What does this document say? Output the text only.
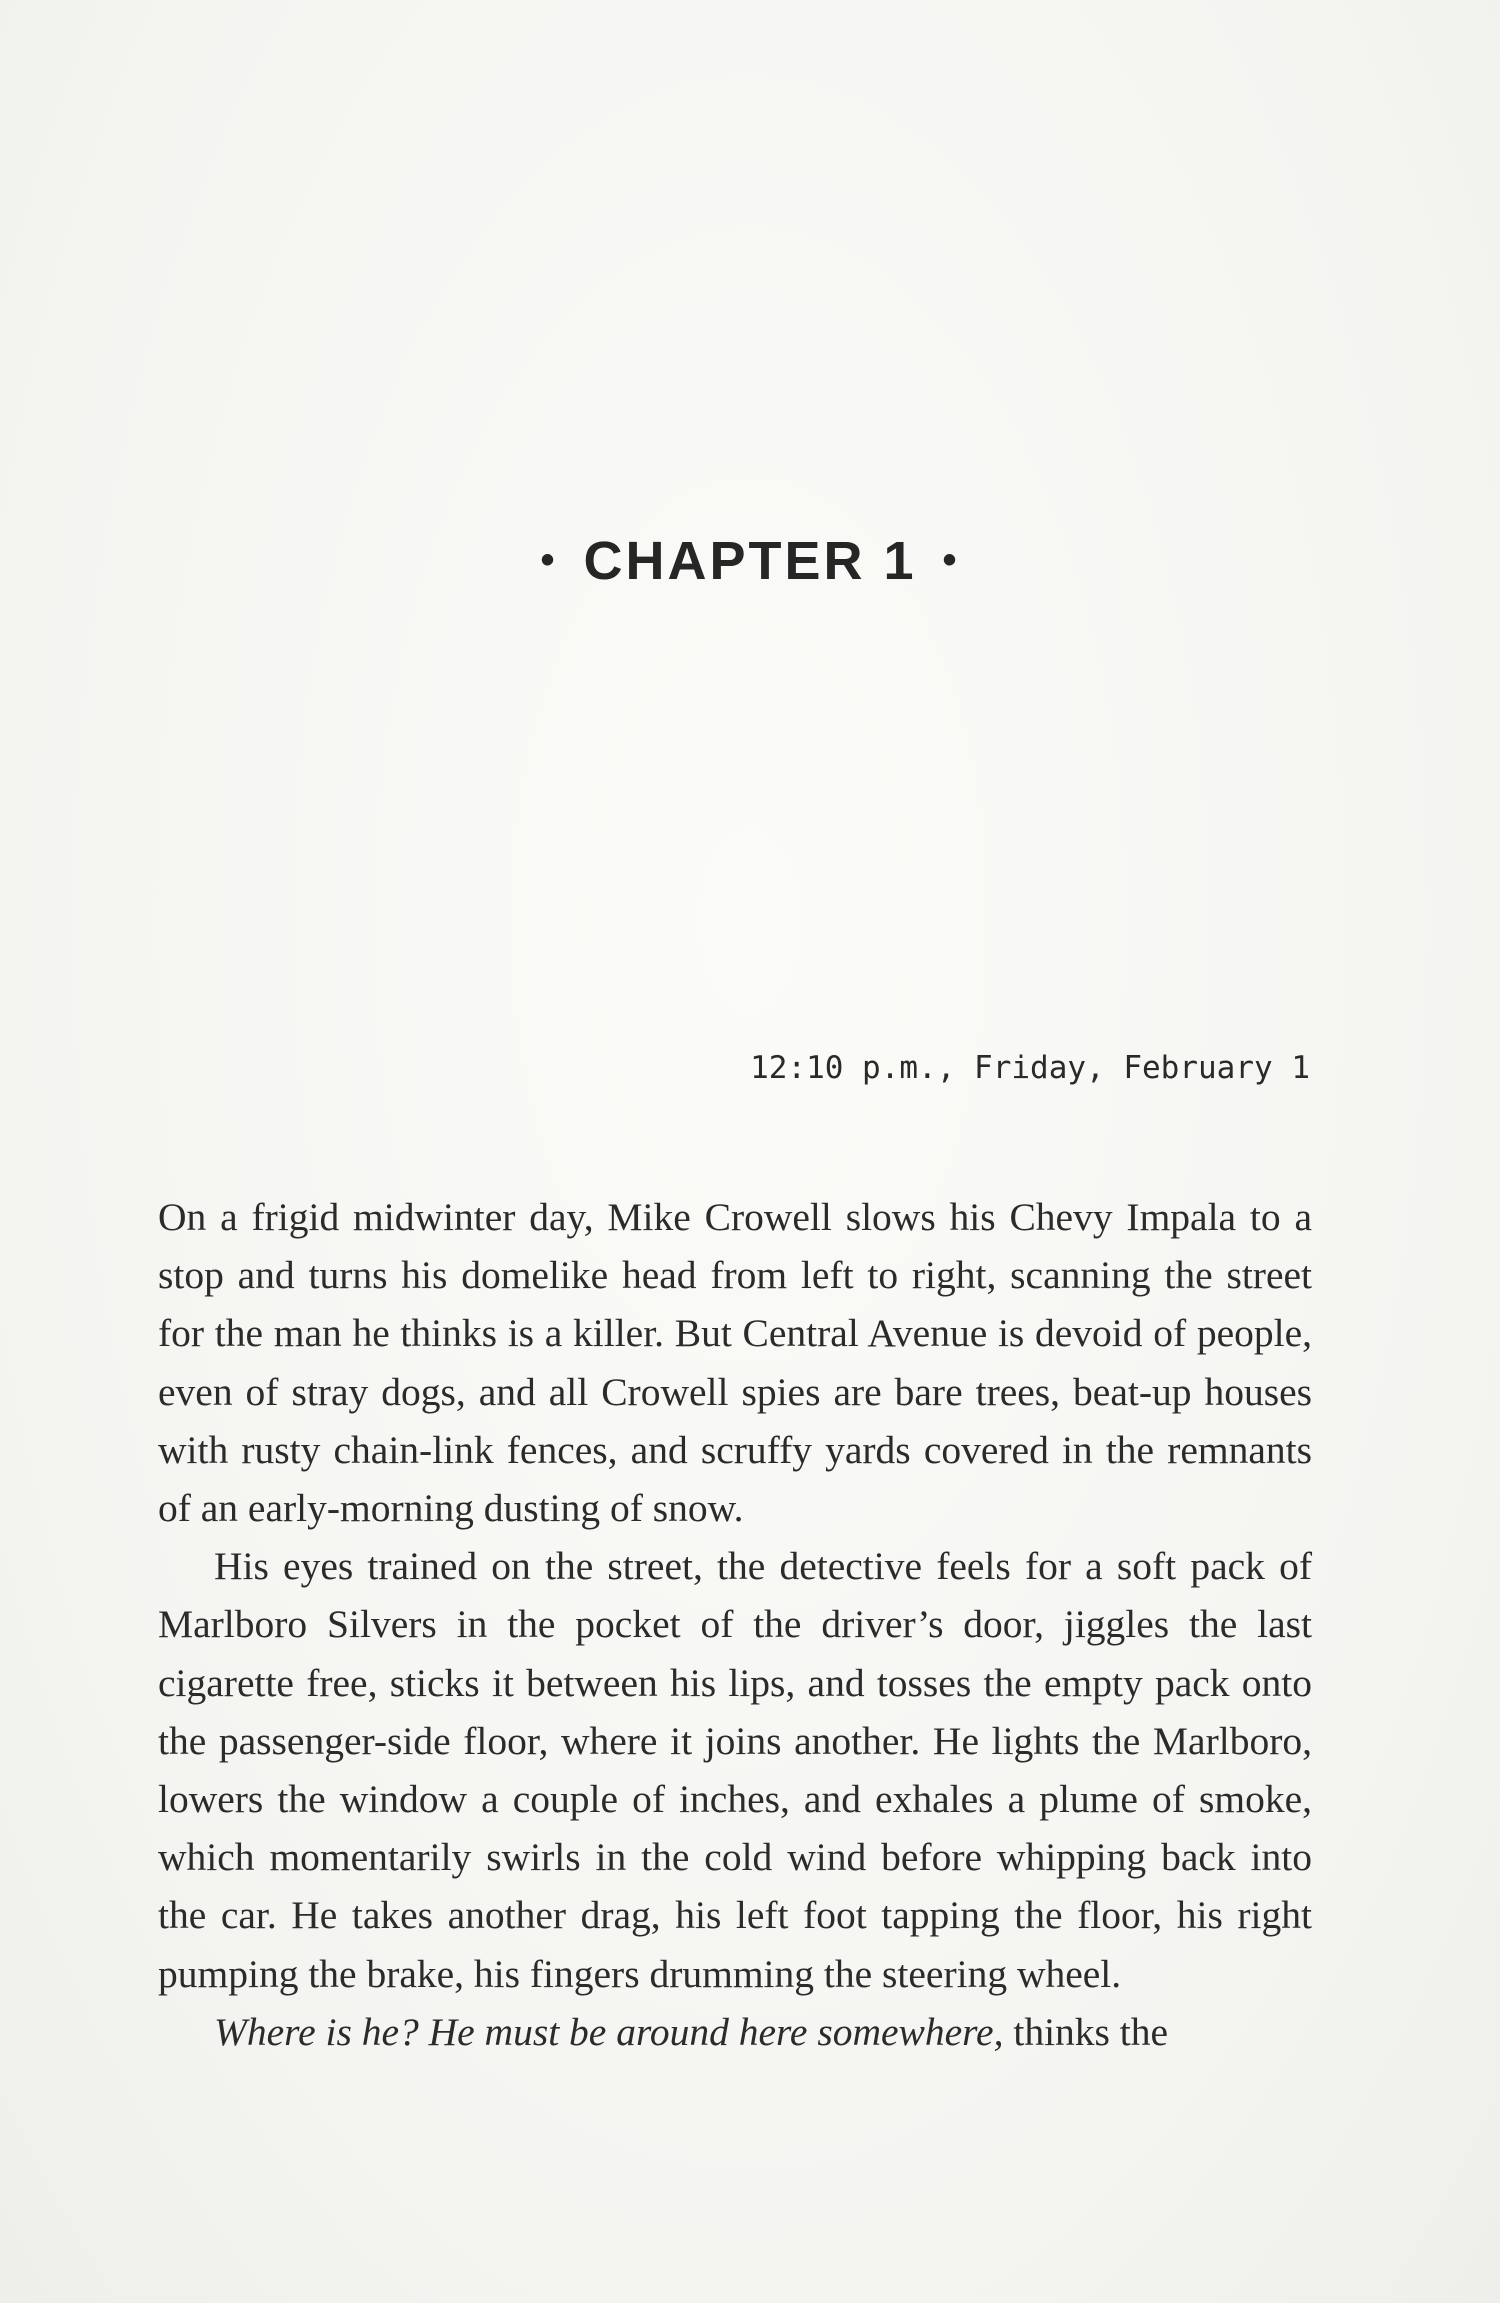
• CHAPTER 1 •
12:10 p.m., Friday, February 1

On a frigid midwinter day, Mike Crowell slows his Chevy Impala to a stop and turns his domelike head from left to right, scanning the street for the man he thinks is a killer. But Central Avenue is devoid of people, even of stray dogs, and all Crowell spies are bare trees, beat-up houses with rusty chain-link fences, and scruffy yards covered in the remnants of an early-morning dusting of snow.

His eyes trained on the street, the detective feels for a soft pack of Marlboro Silvers in the pocket of the driver’s door, jiggles the last cigarette free, sticks it between his lips, and tosses the empty pack onto the passenger-side floor, where it joins another. He lights the Marlboro, lowers the window a couple of inches, and exhales a plume of smoke, which momentarily swirls in the cold wind before whipping back into the car. He takes another drag, his left foot tapping the floor, his right pumping the brake, his fingers drumming the steering wheel.

Where is he? He must be around here somewhere, thinks the
